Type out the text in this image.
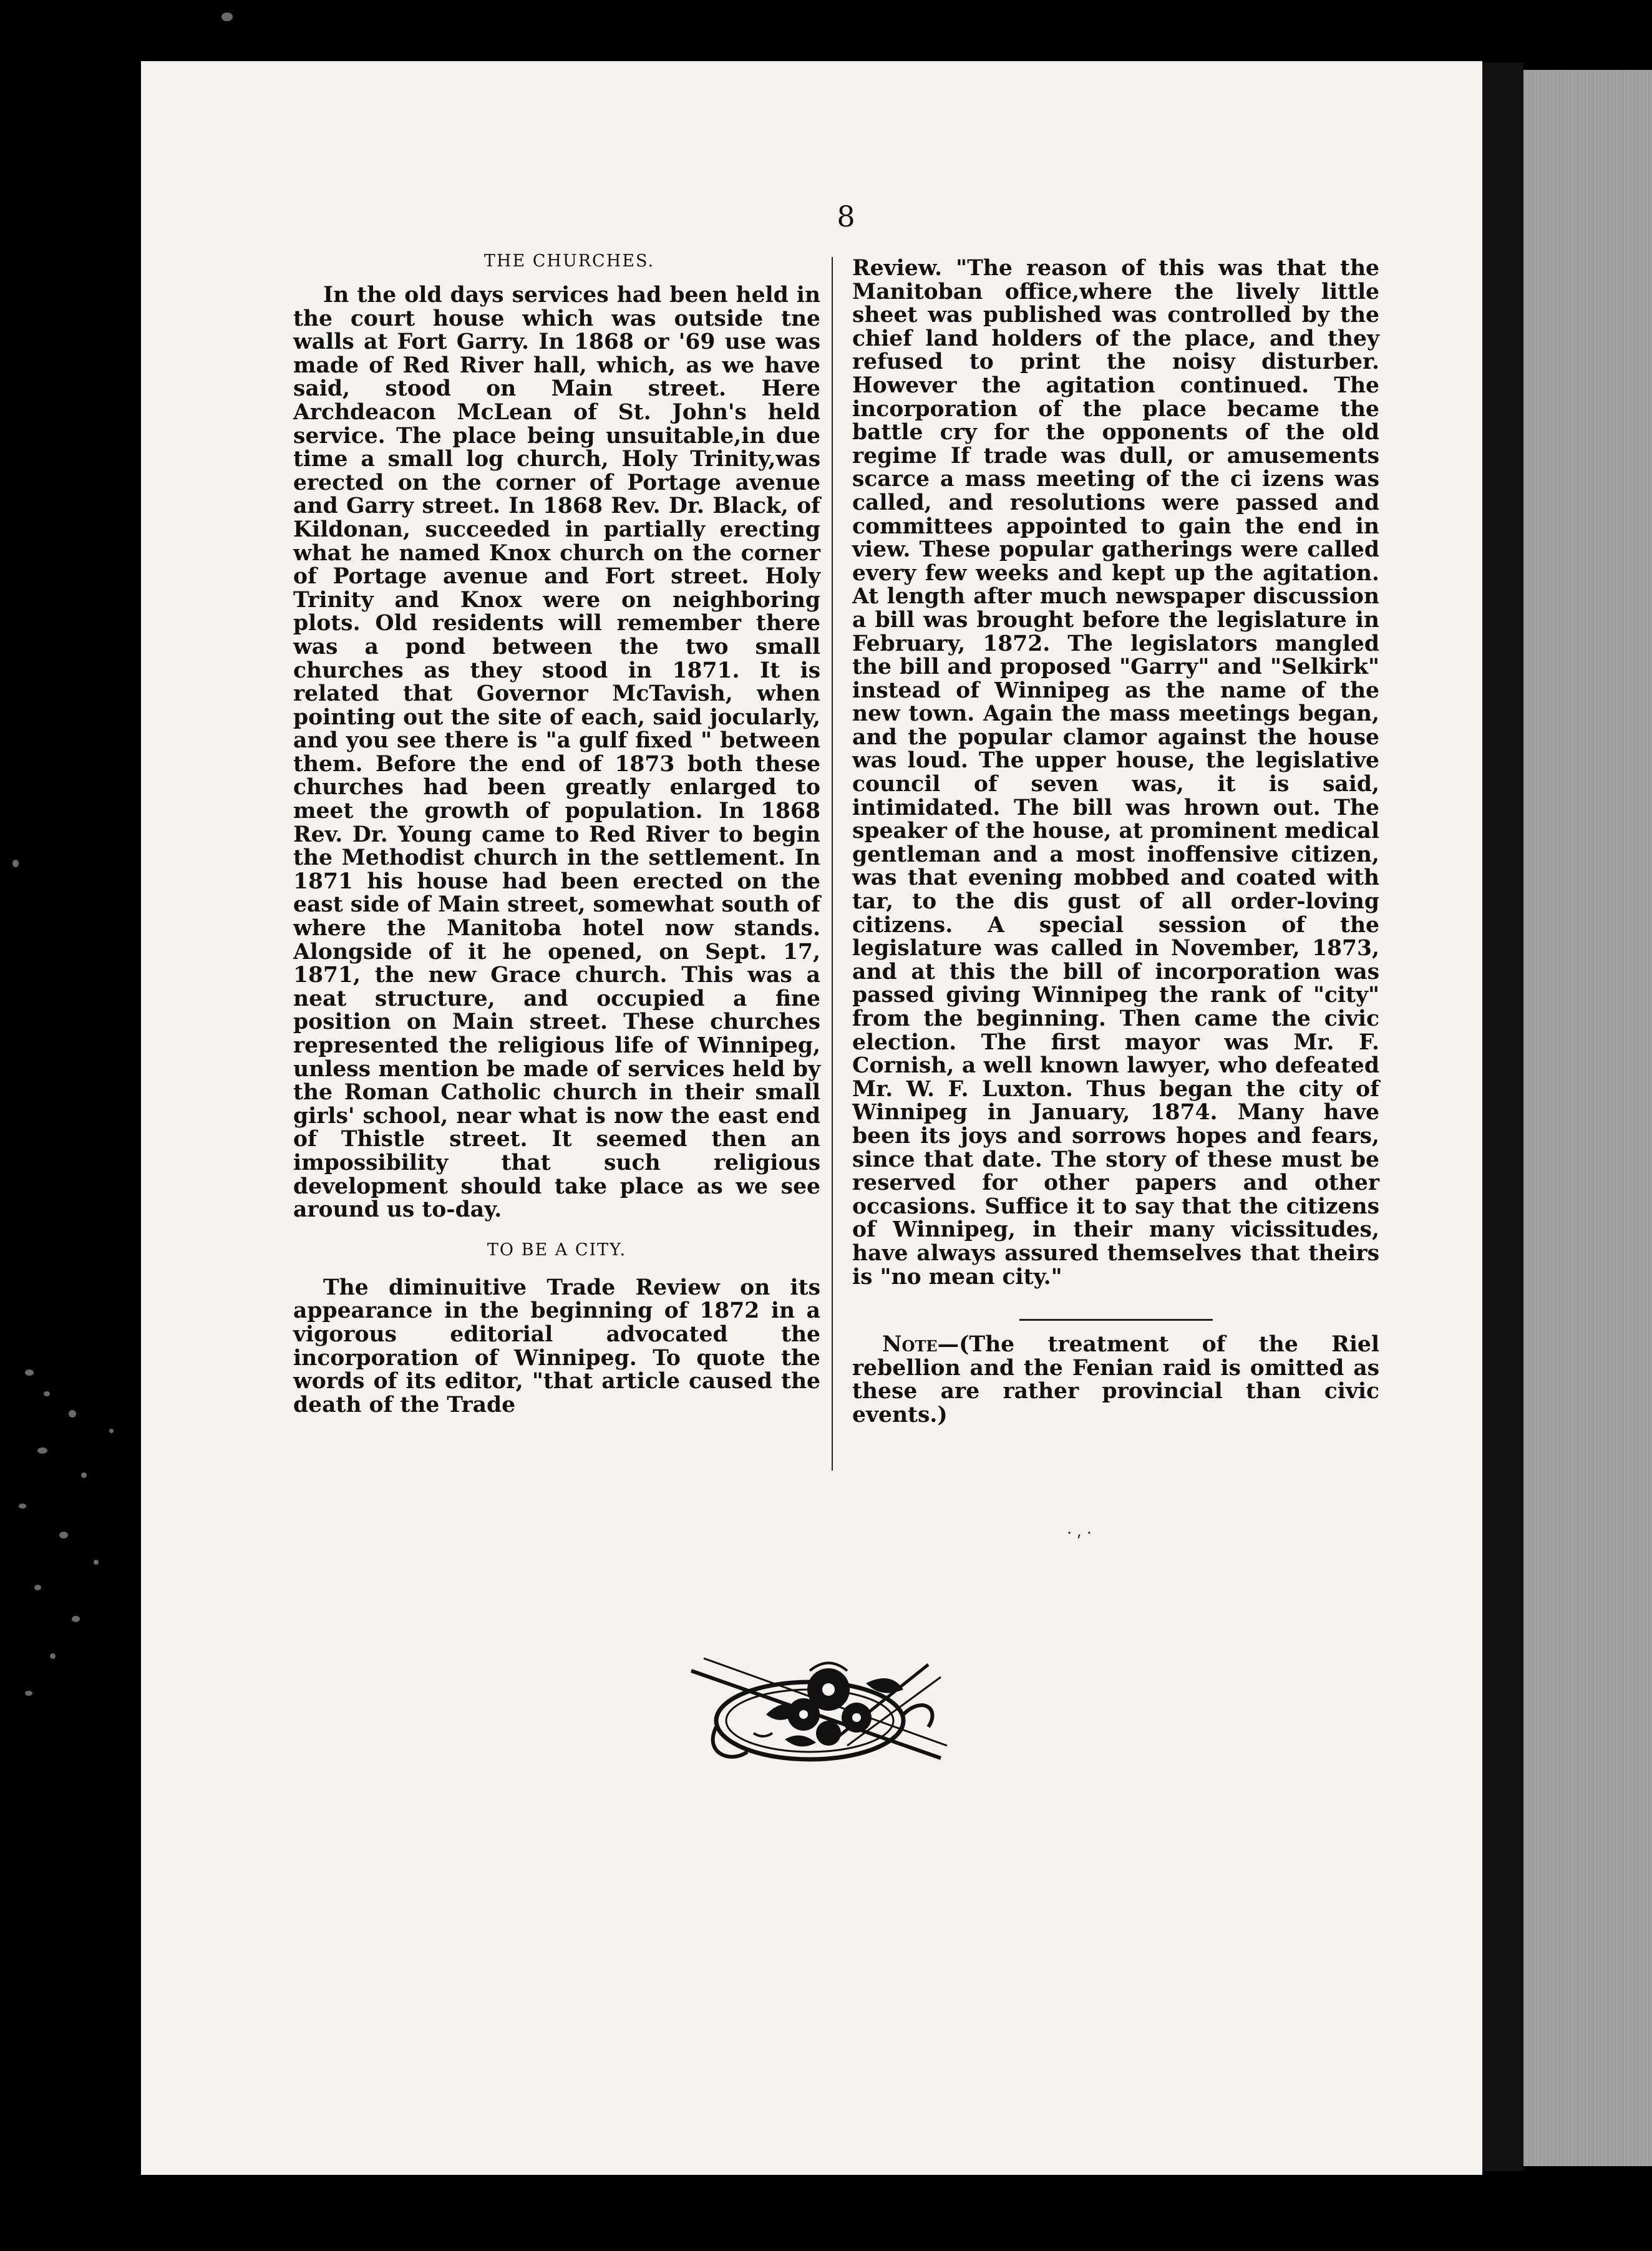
8
THE CHURCHES.

In the old days services had been held in the court house which was outside tne walls at Fort Garry. In 1868 or '69 use was made of Red River hall, which, as we have said, stood on Main street. Here Archdeacon McLean of St. John's held service. The place being unsuitable,in due time a small log church, Holy Trinity,was erected on the corner of Portage avenue and Garry street. In 1868 Rev. Dr. Black, of Kildonan, succeeded in partially erecting what he named Knox church on the corner of Portage avenue and Fort street. Holy Trinity and Knox were on neighboring plots. Old residents will remember there was a pond between the two small churches as they stood in 1871. It is related that Governor McTavish, when pointing out the site of each, said jocularly, and you see there is "a gulf fixed " between them. Before the end of 1873 both these churches had been greatly enlarged to meet the growth of population. In 1868 Rev. Dr. Young came to Red River to begin the Methodist church in the settlement. In 1871 his house had been erected on the east side of Main street, somewhat south of where the Manitoba hotel now stands. Alongside of it he opened, on Sept. 17, 1871, the new Grace church. This was a neat structure, and occupied a fine position on Main street. These churches represented the religious life of Winnipeg, unless mention be made of services held by the Roman Catholic church in their small girls' school, near what is now the east end of Thistle street. It seemed then an impossibility that such religious development should take place as we see around us to-day.

TO BE A CITY.

The diminuitive Trade Review on its appearance in the beginning of 1872 in a vigorous editorial advocated the incorporation of Winnipeg. To quote the words of its editor, "that article caused the death of the Trade

Review. "The reason of this was that the Manitoban office,where the lively little sheet was published was controlled by the chief land holders of the place, and they refused to print the noisy disturber. However the agitation continued. The incorporation of the place became the battle cry for the opponents of the old regime If trade was dull, or amusements scarce a mass meeting of the ci izens was called, and resolutions were passed and committees appointed to gain the end in view. These popular gatherings were called every few weeks and kept up the agitation. At length after much newspaper discussion a bill was brought before the legislature in February, 1872. The legislators mangled the bill and proposed "Garry" and "Selkirk" instead of Winnipeg as the name of the new town. Again the mass meetings began, and the popular clamor against the house was loud. The upper house, the legislative council of seven was, it is said, intimidated. The bill was hrown out. The speaker of the house, at prominent medical gentleman and a most inoffensive citizen, was that evening mobbed and coated with tar, to the dis gust of all order-loving citizens. A special session of the legislature was called in November, 1873, and at this the bill of incorporation was passed giving Winnipeg the rank of "city" from the beginning. Then came the civic election. The first mayor was Mr. F. Cornish, a well known lawyer, who defeated Mr. W. F. Luxton. Thus began the city of Winnipeg in January, 1874. Many have been its joys and sorrows hopes and fears, since that date. The story of these must be reserved for other papers and other occasions. Suffice it to say that the citizens of Winnipeg, in their many vicissitudes, have always assured themselves that theirs is "no mean city."

Note—(The treatment of the Riel rebellion and the Fenian raid is omitted as these are rather provincial than civic events.)

· ⸴ ·
